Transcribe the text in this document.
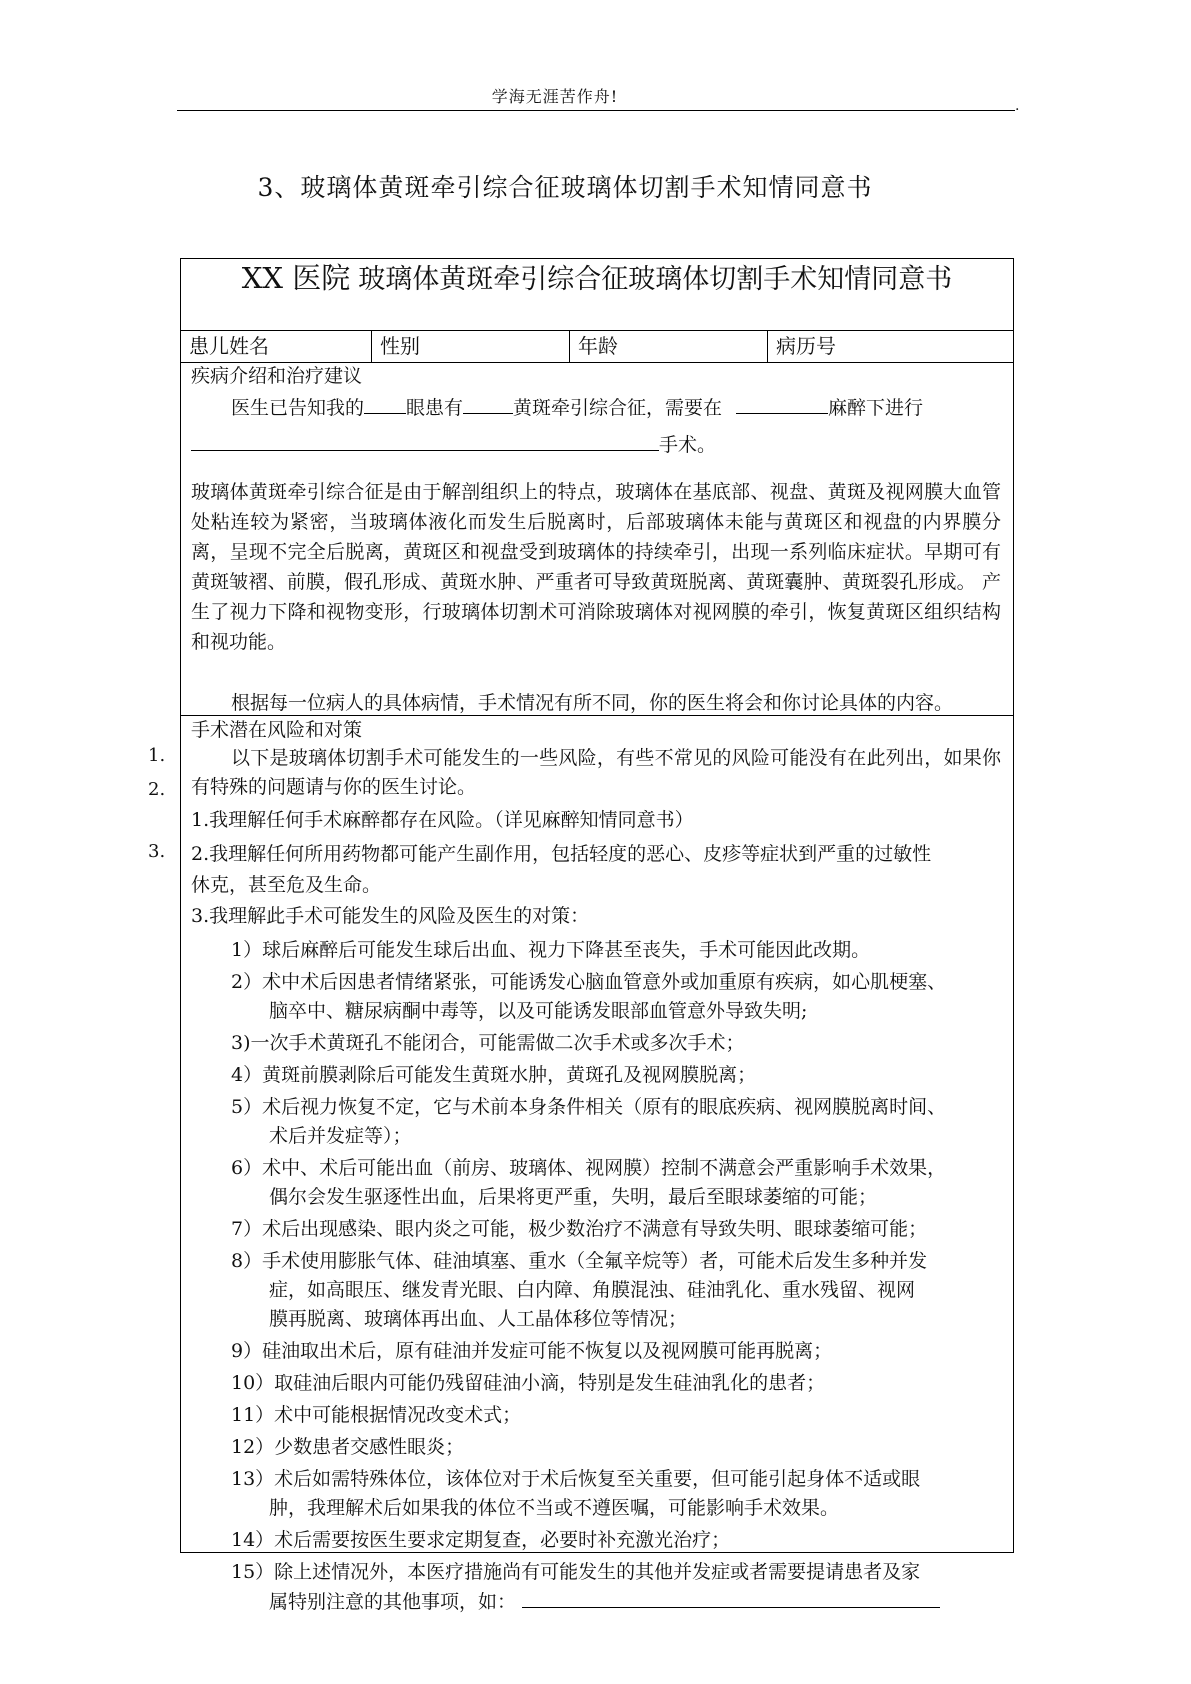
学海无涯苦作舟!	.
3、玻璃体黄斑牵引综合征玻璃体切割手术知情同意书
XX 医院 玻璃体黄斑牵引综合征玻璃体切割手术知情同意书
患儿姓名	性别	年龄	病历号
疾病介绍和治疗建议
医生已告知我的 眼患有	黄斑牵引综合征，需要在	麻醉下进行
手术。
玻璃体黄斑牵引综合征是由于解剖组织上的特点，玻璃体在基底部、视盘、黄斑及视网膜大血管处粘连较为紧密，当玻璃体液化而发生后脱离时，后部玻璃体未能与黄斑区和视盘的内界膜分离，呈现不完全后脱离，黄斑区和视盘受到玻璃体的持续牵引，出现一系列临床症状。早期可有黄斑皱褶、前膜，假孔形成、黄斑水肿、严重者可导致黄斑脱离、黄斑囊肿、黄斑裂孔形成。 产生了视力下降和视物变形，行玻璃体切割术可消除玻璃体对视网膜的牵引，恢复黄斑区组织结构和视功能。
根据每一位病人的具体病情，手术情况有所不同，你的医生将会和你讨论具体的内容。
手术潜在风险和对策
以下是玻璃体切割手术可能发生的一些风险，有些不常见的风险可能没有在此列出，如果你有特殊的问题请与你的医生讨论。
1.我理解任何手术麻醉都存在风险。（详见麻醉知情同意书）
2.我理解任何所用药物都可能产生副作用，包括轻度的恶心、皮疹等症状到严重的过敏性
休克，甚至危及生命。
3.我理解此手术可能发生的风险及医生的对策：
1）球后麻醉后可能发生球后出血、视力下降甚至丧失，手术可能因此改期。
2）术中术后因患者情绪紧张，可能诱发心脑血管意外或加重原有疾病，如心肌梗塞、
脑卒中、糖尿病酮中毒等，以及可能诱发眼部血管意外导致失明;
3)一次手术黄斑孔不能闭合，可能需做二次手术或多次手术；
4）黄斑前膜剥除后可能发生黄斑水肿，黄斑孔及视网膜脱离；
5）术后视力恢复不定，它与术前本身条件相关（原有的眼底疾病、视网膜脱离时间、
术后并发症等）；
6）术中、术后可能出血（前房、玻璃体、视网膜）控制不满意会严重影响手术效果，
偶尔会发生驱逐性出血，后果将更严重，失明，最后至眼球萎缩的可能；
7）术后出现感染、眼内炎之可能，极少数治疗不满意有导致失明、眼球萎缩可能；
8）手术使用膨胀气体、硅油填塞、重水（全氟辛烷等）者，可能术后发生多种并发
症，如高眼压、继发青光眼、白内障、角膜混浊、硅油乳化、重水残留、视网
膜再脱离、玻璃体再出血、人工晶体移位等情况；
9）硅油取出术后，原有硅油并发症可能不恢复以及视网膜可能再脱离；
10）取硅油后眼内可能仍残留硅油小滴，特别是发生硅油乳化的患者；
11）术中可能根据情况改变术式；
12）少数患者交感性眼炎；
13）术后如需特殊体位，该体位对于术后恢复至关重要，但可能引起身体不适或眼
肿，我理解术后如果我的体位不当或不遵医嘱，可能影响手术效果。
14）术后需要按医生要求定期复查，必要时补充激光治疗；
15）除上述情况外，本医疗措施尚有可能发生的其他并发症或者需要提请患者及家
属特别注意的其他事项，如：
1.
2.
3.
